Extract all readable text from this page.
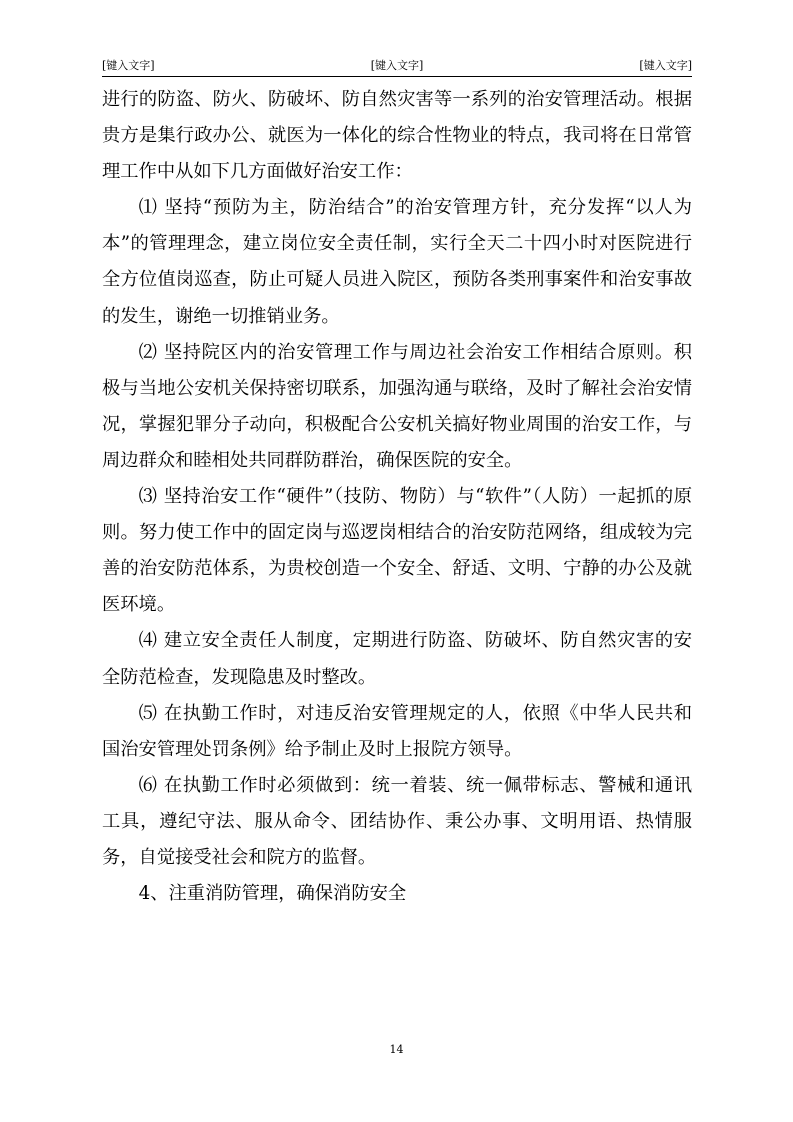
[键入文字]	[键入文字]	[键入文字]

进行的防盗、防火、防破坏、防自然灾害等一系列的治安管理活动。根据贵方是集行政办公、就医为一体化的综合性物业的特点，我司将在日常管理工作中从如下几方面做好治安工作：

⑴ 坚持“预防为主，防治结合”的治安管理方针，充分发挥“以人为本”的管理理念，建立岗位安全责任制，实行全天二十四小时对医院进行全方位值岗巡查，防止可疑人员进入院区，预防各类刑事案件和治安事故的发生，谢绝一切推销业务。

⑵ 坚持院区内的治安管理工作与周边社会治安工作相结合原则。积极与当地公安机关保持密切联系，加强沟通与联络，及时了解社会治安情况，掌握犯罪分子动向，积极配合公安机关搞好物业周围的治安工作，与周边群众和睦相处共同群防群治，确保医院的安全。

⑶ 坚持治安工作“硬件”（技防、物防）与“软件”（人防）一起抓的原则。努力使工作中的固定岗与巡逻岗相结合的治安防范网络，组成较为完善的治安防范体系，为贵校创造一个安全、舒适、文明、宁静的办公及就医环境。

⑷ 建立安全责任人制度，定期进行防盗、防破坏、防自然灾害的安全防范检查，发现隐患及时整改。

⑸ 在执勤工作时，对违反治安管理规定的人，依照《中华人民共和国治安管理处罚条例》给予制止及时上报院方领导。

⑹ 在执勤工作时必须做到：统一着装、统一佩带标志、警械和通讯工具，遵纪守法、服从命令、团结协作、秉公办事、文明用语、热情服务，自觉接受社会和院方的监督。

4、注重消防管理，确保消防安全

14
